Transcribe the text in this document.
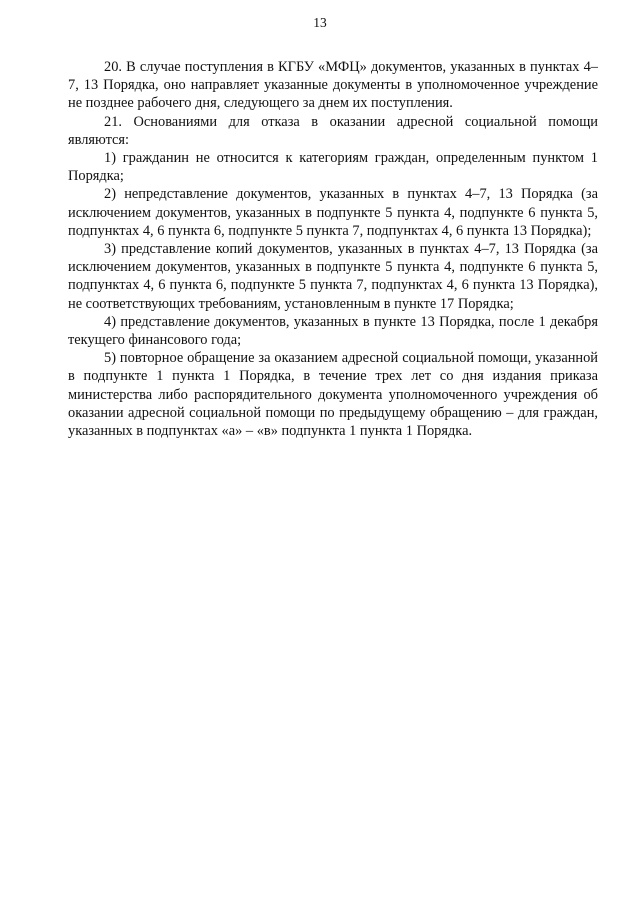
13

20. В случае поступления в КГБУ «МФЦ» документов, указанных в пунктах 4–7, 13 Порядка, оно направляет указанные документы в уполномоченное учреждение не позднее рабочего дня, следующего за днем их поступления.

21. Основаниями для отказа в оказании адресной социальной помощи являются:

1) гражданин не относится к категориям граждан, определенным пунктом 1 Порядка;

2) непредставление документов, указанных в пунктах 4–7, 13 Порядка (за исключением документов, указанных в подпункте 5 пункта 4, подпункте 6 пункта 5, подпунктах 4, 6 пункта 6, подпункте 5 пункта 7, подпунктах 4, 6 пункта 13 Порядка);

3) представление копий документов, указанных в пунктах 4–7, 13 Порядка (за исключением документов, указанных в подпункте 5 пункта 4, подпункте 6 пункта 5, подпунктах 4, 6 пункта 6, подпункте 5 пункта 7, подпунктах 4, 6 пункта 13 Порядка), не соответствующих требованиям, установленным в пункте 17 Порядка;

4) представление документов, указанных в пункте 13 Порядка, после 1 декабря текущего финансового года;

5) повторное обращение за оказанием адресной социальной помощи, указанной в подпункте 1 пункта 1 Порядка, в течение трех лет со дня издания приказа министерства либо распорядительного документа уполномоченного учреждения об оказании адресной социальной помощи по предыдущему обращению – для граждан, указанных в подпунктах «а» – «в» подпункта 1 пункта 1 Порядка.
